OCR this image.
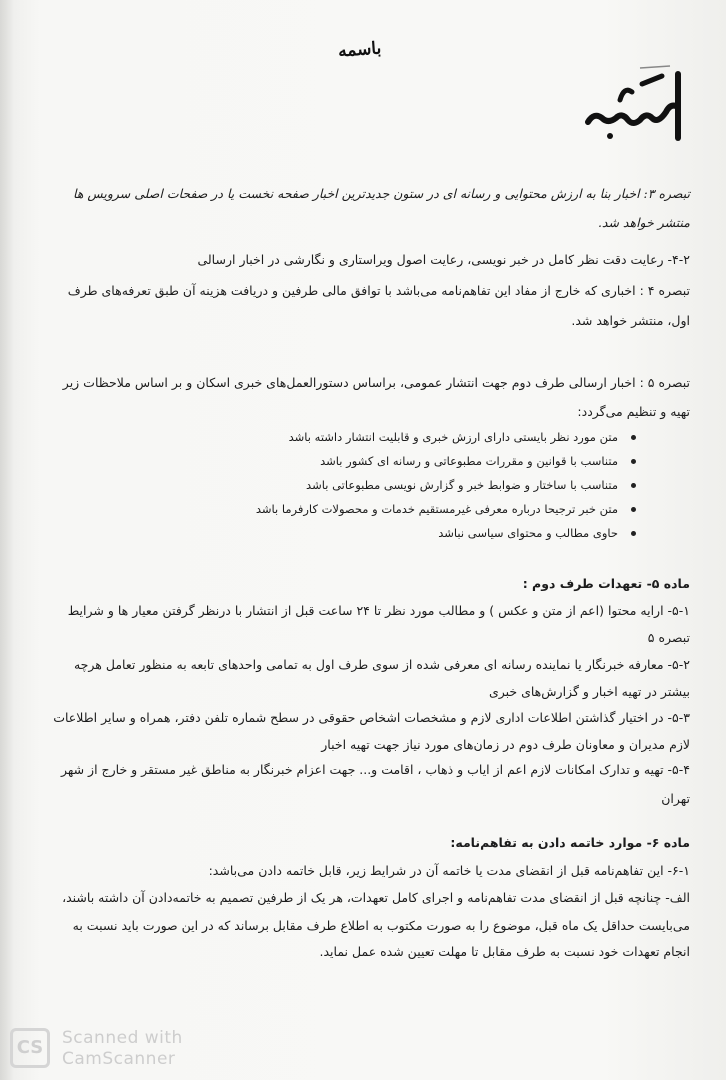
باسمه
تبصره ۳: اخبار بنا به ارزش محتوایی و رسانه ای در ستون جدیدترین اخبار صفحه نخست یا در صفحات اصلی سرویس ها
منتشر خواهد شد.
۴-۲- رعایت دقت نظر کامل در خبر نویسی، رعایت اصول ویراستاری و نگارشی در اخبار ارسالی
تبصره ۴ : اخباری که خارج از مفاد این تفاهم‌نامه می‌باشد با توافق مالی طرفین و دریافت هزینه آن طبق تعرفه‌های طرف
اول، منتشر خواهد شد.
تبصره ۵ : اخبار ارسالی طرف دوم جهت انتشار عمومی، براساس دستورالعمل‌های خبری اسکان و بر اساس ملاحظات زیر
تهیه و تنظیم می‌گردد:
متن مورد نظر بایستی دارای ارزش خبری و قابلیت انتشار داشته باشد
متناسب با قوانین و مقررات مطبوعاتی و رسانه ای کشور باشد
متناسب با ساختار و ضوابط خبر و گزارش نویسی مطبوعاتی باشد
متن خبر ترجیحا درباره معرفی غیرمستقیم خدمات و محصولات کارفرما باشد
حاوی مطالب و محتوای سیاسی نباشد
ماده ۵- تعهدات طرف دوم :
۵-۱- ارایه محتوا (اعم از متن و عکس ) و مطالب مورد نظر تا ۲۴ ساعت قبل از انتشار با درنظر گرفتن معیار ها و شرایط
تبصره ۵
۵-۲- معارفه خبرنگار یا نماینده رسانه ای معرفی شده از سوی طرف اول به تمامی واحدهای تابعه به منظور تعامل هرچه
بیشتر در تهیه اخبار و گزارش‌های خبری
۵-۳- در اختیار گذاشتن اطلاعات اداری لازم و مشخصات اشخاص حقوقی در سطح شماره تلفن دفتر، همراه و سایر اطلاعات
لازم مدیران و معاونان طرف دوم در زمان‌های مورد نیاز جهت تهیه اخبار
۵-۴- تهیه و تدارک امکانات لازم اعم از ایاب و ذهاب ، اقامت و... جهت اعزام خبرنگار به مناطق غیر مستقر و خارج از شهر
تهران
ماده ۶- موارد خاتمه دادن به تفاهم‌نامه:
۶-۱- این تفاهم‌نامه قبل از انقضای مدت یا خاتمه آن در شرایط زیر، قابل خاتمه دادن می‌باشد:
الف- چنانچه قبل از انقضای مدت تفاهم‌نامه و اجرای کامل تعهدات، هر یک از طرفین تصمیم به خاتمه‌دادن آن داشته باشند،
می‌بایست حداقل یک ماه قبل، موضوع را به صورت مکتوب به اطلاع طرف مقابل برساند که در این صورت باید نسبت به
انجام تعهدات خود نسبت به طرف مقابل تا مهلت تعیین شده عمل نماید.
CS	Scanned with
CamScanner
